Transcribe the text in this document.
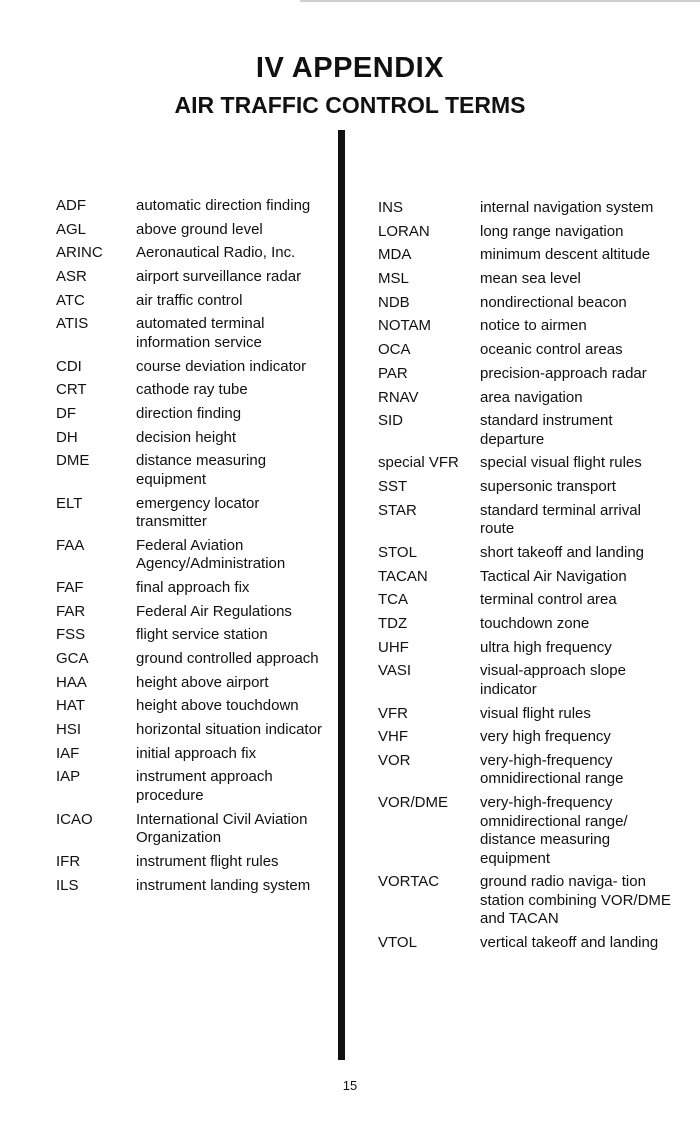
IV APPENDIX
AIR TRAFFIC CONTROL TERMS
ADF	automatic direction finding
AGL	above ground level
ARINC	Aeronautical Radio, Inc.
ASR	airport surveillance radar
ATC	air traffic control
ATIS	automated terminal information service
CDI	course deviation indicator
CRT	cathode ray tube
DF	direction finding
DH	decision height
DME	distance measuring equipment
ELT	emergency locator transmitter
FAA	Federal Aviation Agency/Administration
FAF	final approach fix
FAR	Federal Air Regulations
FSS	flight service station
GCA	ground controlled approach
HAA	height above airport
HAT	height above touchdown
HSI	horizontal situation indicator
IAF	initial approach fix
IAP	instrument approach procedure
ICAO	International Civil Aviation Organization
IFR	instrument flight rules
ILS	instrument landing system
INS	internal navigation system
LORAN	long range navigation
MDA	minimum descent altitude
MSL	mean sea level
NDB	nondirectional beacon
NOTAM	notice to airmen
OCA	oceanic control areas
PAR	precision-approach radar
RNAV	area navigation
SID	standard instrument departure
special VFR	special visual flight rules
SST	supersonic transport
STAR	standard terminal arrival route
STOL	short takeoff and landing
TACAN	Tactical Air Navigation
TCA	terminal control area
TDZ	touchdown zone
UHF	ultra high frequency
VASI	visual-approach slope indicator
VFR	visual flight rules
VHF	very high frequency
VOR	very-high-frequency omnidirectional range
VOR/DME	very-high-frequency omnidirectional range/ distance measuring equipment
VORTAC	ground radio naviga- tion station combining VOR/DME and TACAN
VTOL	vertical takeoff and landing
15
